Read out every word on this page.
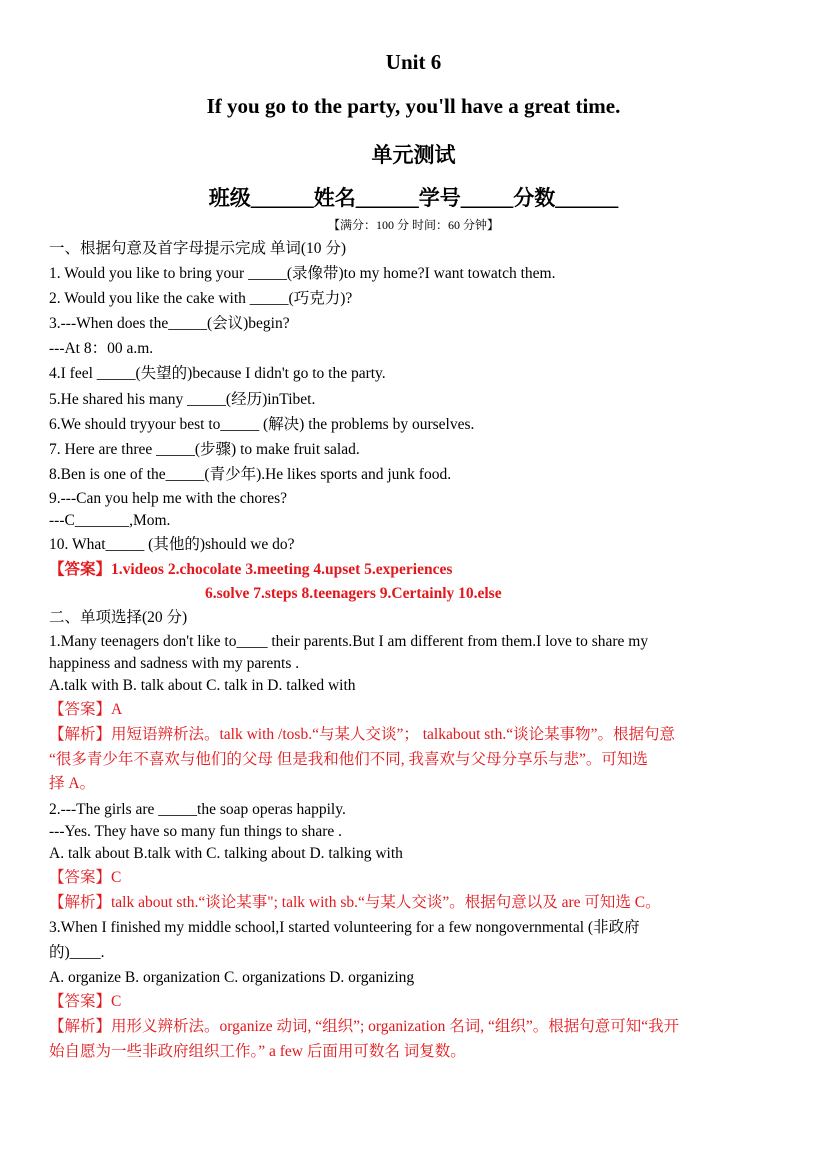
Unit 6
If you go to the party, you'll have a great time.
单元测试
班级______姓名______学号_____分数______
【满分：100 分 时间：60 分钟】
一、根据句意及首字母提示完成 单词(10 分)
1. Would you like to bring your _____(录像带)to my home?I want towatch them.
2. Would you like the cake with _____(巧克力)?
3.---When does the_____(会议)begin?
---At 8：00 a.m.
4.I feel _____(失望的)because I didn't go to the party.
5.He shared his many _____(经历)inTibet.
6.We should tryyour best to_____ (解决) the problems by ourselves.
7. Here are three _____(步骤) to make fruit salad.
8.Ben is one of the_____(青少年).He likes sports and junk food.
9.---Can you help me with the chores?
---C_______,Mom.
10. What_____ (其他的)should we do?
【答案】1.videos 2.chocolate 3.meeting 4.upset 5.experiences
6.solve 7.steps 8.teenagers 9.Certainly 10.else
二、单项选择(20 分)
1.Many teenagers don't like to____ their parents.But I am different from them.I love to share my
happiness and sadness with my parents .
A.talk with B. talk about C. talk in D. talked with
【答案】A
【解析】用短语辨析法。talk with /tosb.“与某人交谈”； talkabout sth.“谈论某事物”。根据句意
“很多青少年不喜欢与他们的父母 但是我和他们不同, 我喜欢与父母分享乐与悲”。可知选
择 A。
2.---The girls are _____the soap operas happily.
---Yes. They have so many fun things to share .
A. talk about B.talk with C. talking about D. talking with
【答案】C
【解析】talk about sth.“谈论某事"; talk with sb.“与某人交谈”。根据句意以及 are 可知选 C。
3.When I finished my middle school,I started volunteering for a few nongovernmental (非政府
的)____.
A. organize B. organization C. organizations D. organizing
【答案】C
【解析】用形义辨析法。organize 动词, “组织”; organization 名词, “组织”。根据句意可知“我开
始自愿为一些非政府组织工作。” a few 后面用可数名 词复数。
